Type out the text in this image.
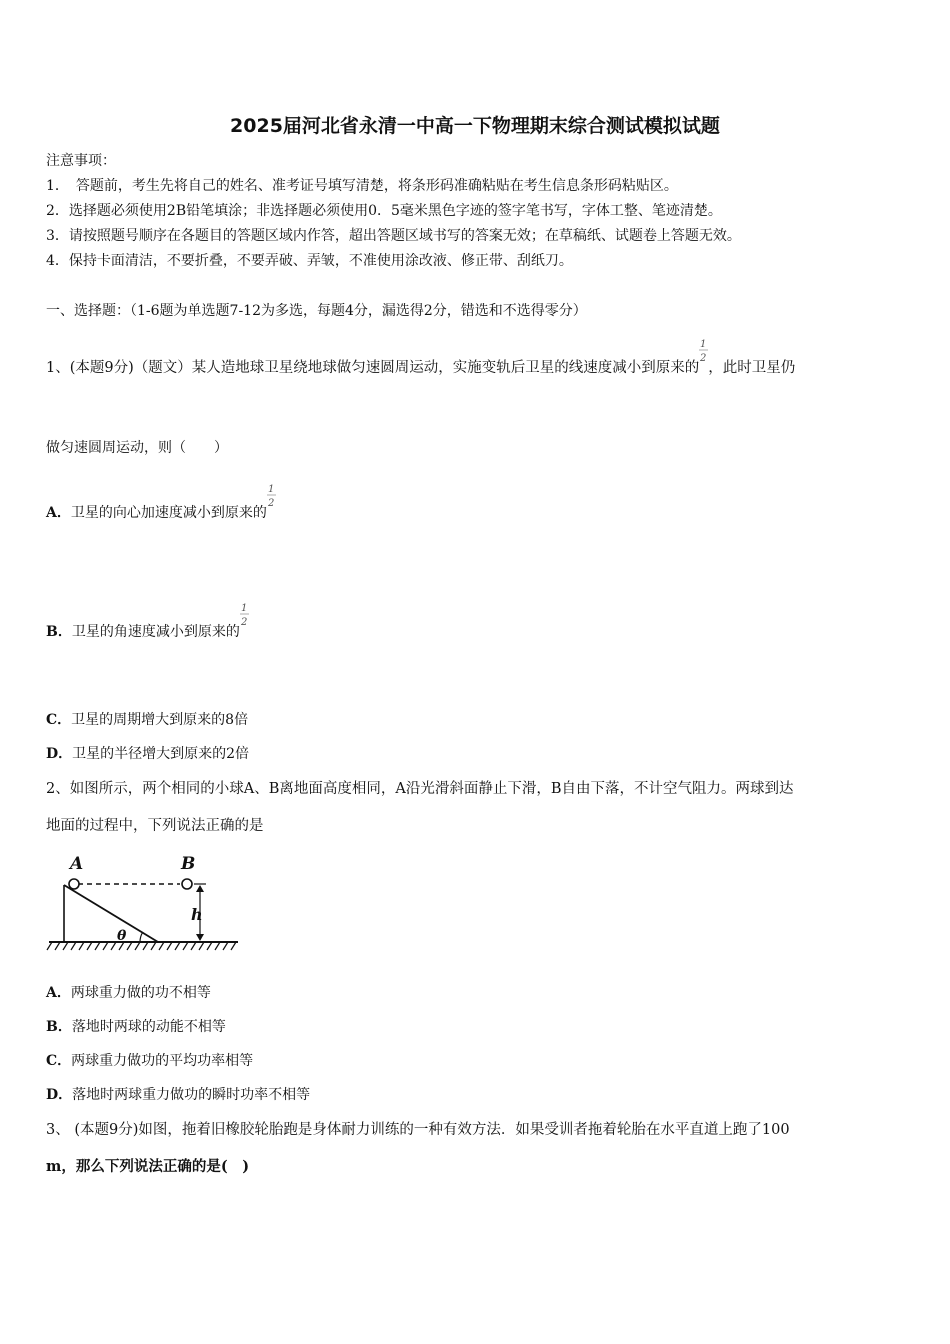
2025届河北省永清一中高一下物理期末综合测试模拟试题
注意事项：
1．　答题前，考生先将自己的姓名、准考证号填写清楚，将条形码准确粘贴在考生信息条形码粘贴区。
2．选择题必须使用2B铅笔填涂；非选择题必须使用0．5毫米黑色字迹的签字笔书写，字体工整、笔迹清楚。
3．请按照题号顺序在各题目的答题区域内作答，超出答题区域书写的答案无效；在草稿纸、试题卷上答题无效。
4．保持卡面清洁，不要折叠，不要弄破、弄皱，不准使用涂改液、修正带、刮纸刀。
一、选择题：（1-6题为单选题7-12为多选，每题4分，漏选得2分，错选和不选得零分）
1、(本题9分)（题文）某人造地球卫星绕地球做匀速圆周运动，实施变轨后卫星的线速度减小到原来的
1
2
，此时卫星仍
做匀速圆周运动，则（　　）
A．卫星的向心加速度减小到原来的
1
2
B．卫星的角速度减小到原来的
1
2
C．卫星的周期增大到原来的8倍
D．卫星的半径增大到原来的2倍
2、如图所示，两个相同的小球A、B离地面高度相同，A沿光滑斜面静止下滑，B自由下落，不计空气阻力。两球到达
地面的过程中，下列说法正确的是
θ
A	B
h
A．两球重力做的功不相等
B．落地时两球的动能不相等
C．两球重力做功的平均功率相等
D．落地时两球重力做功的瞬时功率不相等
3、 (本题9分)如图，拖着旧橡胶轮胎跑是身体耐力训练的一种有效方法．如果受训者拖着轮胎在水平直道上跑了100
m，那么下列说法正确的是(　)
